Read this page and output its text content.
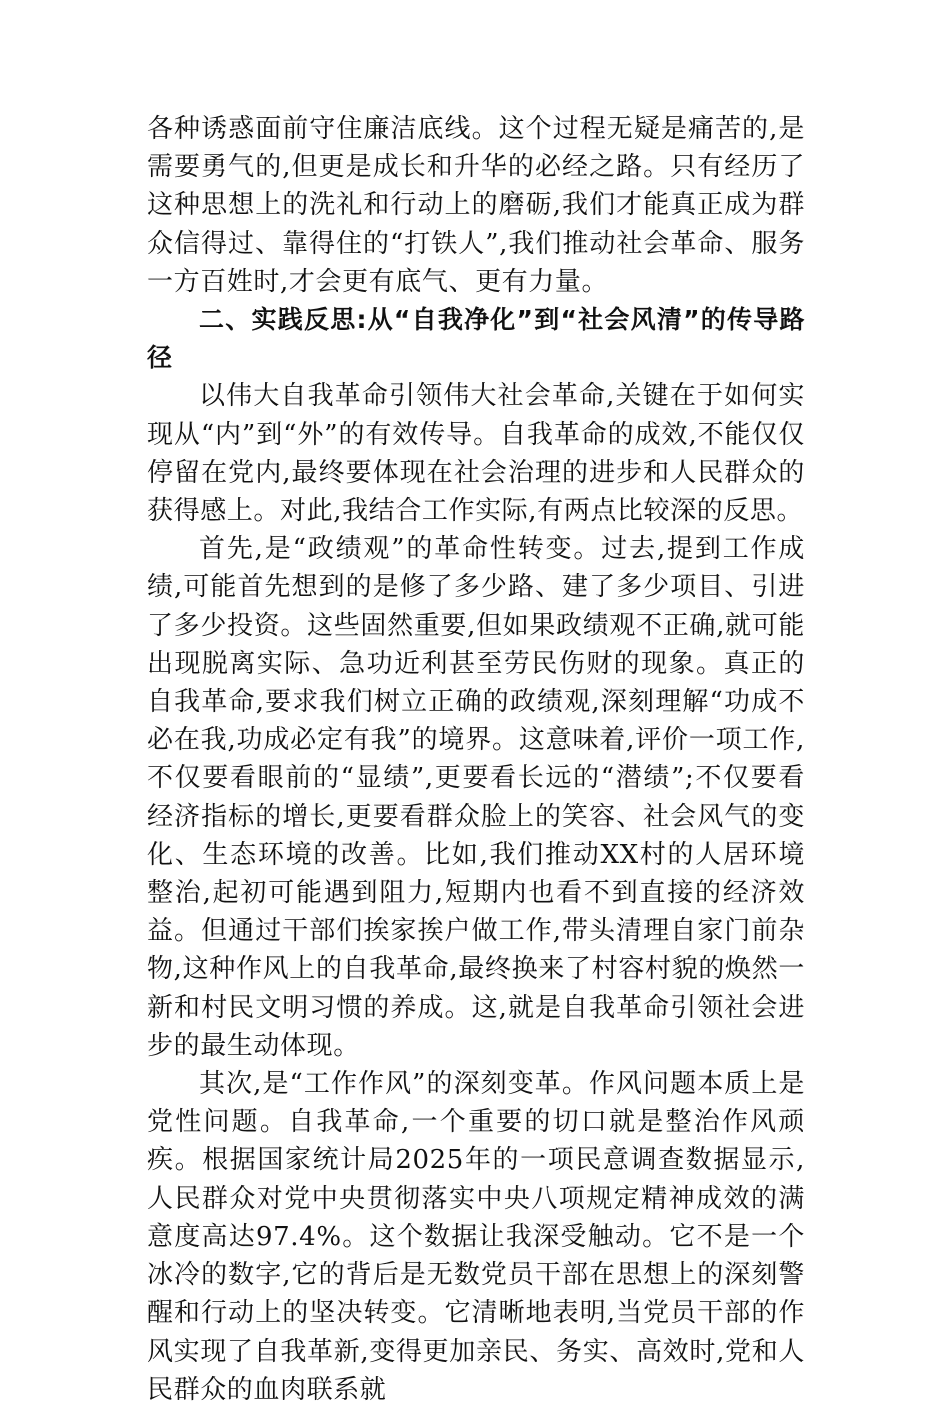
各种诱惑面前守住廉洁底线。这个过程无疑是痛苦的,是需要勇气的,但更是成长和升华的必经之路。只有经历了这种思想上的洗礼和行动上的磨砺,我们才能真正成为群众信得过、靠得住的“打铁人”,我们推动社会革命、服务一方百姓时,才会更有底气、更有力量。

二、实践反思:从“自我净化”到“社会风清”的传导路径

以伟大自我革命引领伟大社会革命,关键在于如何实现从“内”到“外”的有效传导。自我革命的成效,不能仅仅停留在党内,最终要体现在社会治理的进步和人民群众的获得感上。对此,我结合工作实际,有两点比较深的反思。

首先,是“政绩观”的革命性转变。过去,提到工作成绩,可能首先想到的是修了多少路、建了多少项目、引进了多少投资。这些固然重要,但如果政绩观不正确,就可能出现脱离实际、急功近利甚至劳民伤财的现象。真正的自我革命,要求我们树立正确的政绩观,深刻理解“功成不必在我,功成必定有我”的境界。这意味着,评价一项工作,不仅要看眼前的“显绩”,更要看长远的“潜绩”;不仅要看经济指标的增长,更要看群众脸上的笑容、社会风气的变化、生态环境的改善。比如,我们推动XX村的人居环境整治,起初可能遇到阻力,短期内也看不到直接的经济效益。但通过干部们挨家挨户做工作,带头清理自家门前杂物,这种作风上的自我革命,最终换来了村容村貌的焕然一新和村民文明习惯的养成。这,就是自我革命引领社会进步的最生动体现。

其次,是“工作作风”的深刻变革。作风问题本质上是党性问题。自我革命,一个重要的切口就是整治作风顽疾。根据国家统计局2025年的一项民意调查数据显示,人民群众对党中央贯彻落实中央八项规定精神成效的满意度高达97.4%。这个数据让我深受触动。它不是一个冰冷的数字,它的背后是无数党员干部在思想上的深刻警醒和行动上的坚决转变。它清晰地表明,当党员干部的作风实现了自我革新,变得更加亲民、务实、高效时,党和人民群众的血肉联系就
